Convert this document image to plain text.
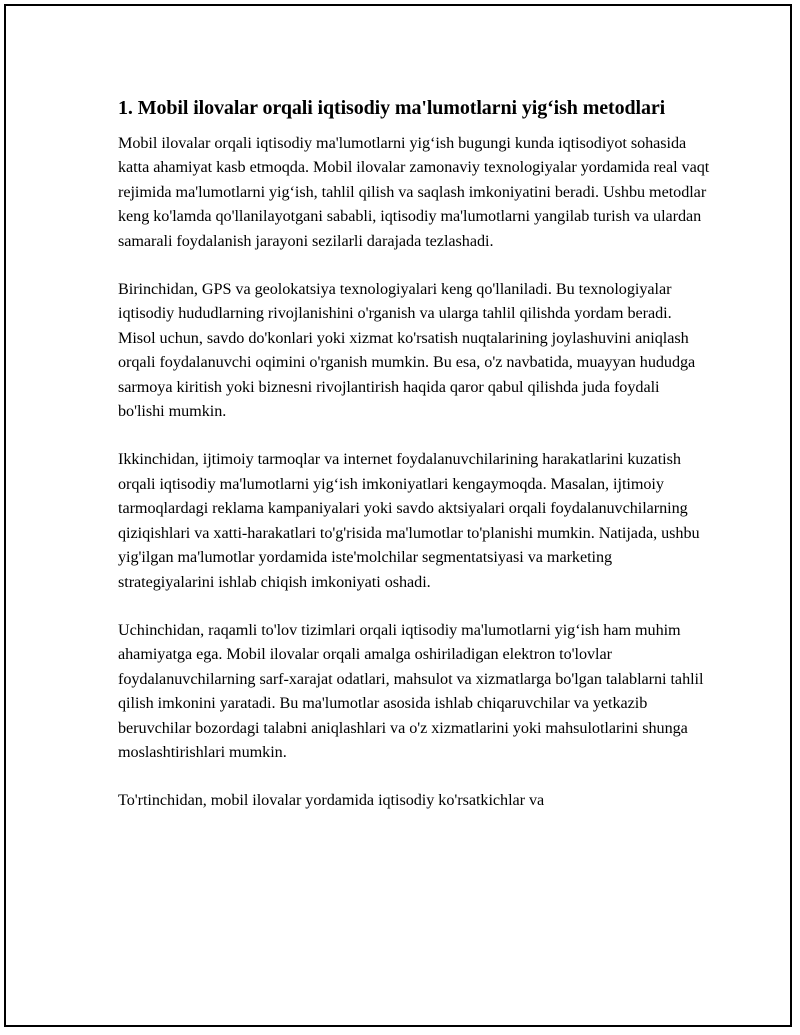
1. Mobil ilovalar orqali iqtisodiy ma'lumotlarni yig‘ish metodlari

Mobil ilovalar orqali iqtisodiy ma'lumotlarni yig‘ish bugungi kunda iqtisodiyot sohasida katta ahamiyat kasb etmoqda. Mobil ilovalar zamonaviy texnologiyalar yordamida real vaqt rejimida ma'lumotlarni yig‘ish, tahlil qilish va saqlash imkoniyatini beradi. Ushbu metodlar keng ko'lamda qo'llanilayotgani sababli, iqtisodiy ma'lumotlarni yangilab turish va ulardan samarali foydalanish jarayoni sezilarli darajada tezlashadi.

Birinchidan, GPS va geolokatsiya texnologiyalari keng qo'llaniladi. Bu texnologiyalar iqtisodiy hududlarning rivojlanishini o'rganish va ularga tahlil qilishda yordam beradi. Misol uchun, savdo do'konlari yoki xizmat ko'rsatish nuqtalarining joylashuvini aniqlash orqali foydalanuvchi oqimini o'rganish mumkin. Bu esa, o'z navbatida, muayyan hududga sarmoya kiritish yoki biznesni rivojlantirish haqida qaror qabul qilishda juda foydali bo'lishi mumkin.

Ikkinchidan, ijtimoiy tarmoqlar va internet foydalanuvchilarining harakatlarini kuzatish orqali iqtisodiy ma'lumotlarni yig‘ish imkoniyatlari kengaymoqda. Masalan, ijtimoiy tarmoqlardagi reklama kampaniyalari yoki savdo aktsiyalari orqali foydalanuvchilarning qiziqishlari va xatti-harakatlari to'g'risida ma'lumotlar to'planishi mumkin. Natijada, ushbu yig'ilgan ma'lumotlar yordamida iste'molchilar segmentatsiyasi va marketing strategiyalarini ishlab chiqish imkoniyati oshadi.

Uchinchidan, raqamli to'lov tizimlari orqali iqtisodiy ma'lumotlarni yig‘ish ham muhim ahamiyatga ega. Mobil ilovalar orqali amalga oshiriladigan elektron to'lovlar foydalanuvchilarning sarf-xarajat odatlari, mahsulot va xizmatlarga bo'lgan talablarni tahlil qilish imkonini yaratadi. Bu ma'lumotlar asosida ishlab chiqaruvchilar va yetkazib beruvchilar bozordagi talabni aniqlashlari va o'z xizmatlarini yoki mahsulotlarini shunga moslashtirishlari mumkin.

To'rtinchidan, mobil ilovalar yordamida iqtisodiy ko'rsatkichlar va
